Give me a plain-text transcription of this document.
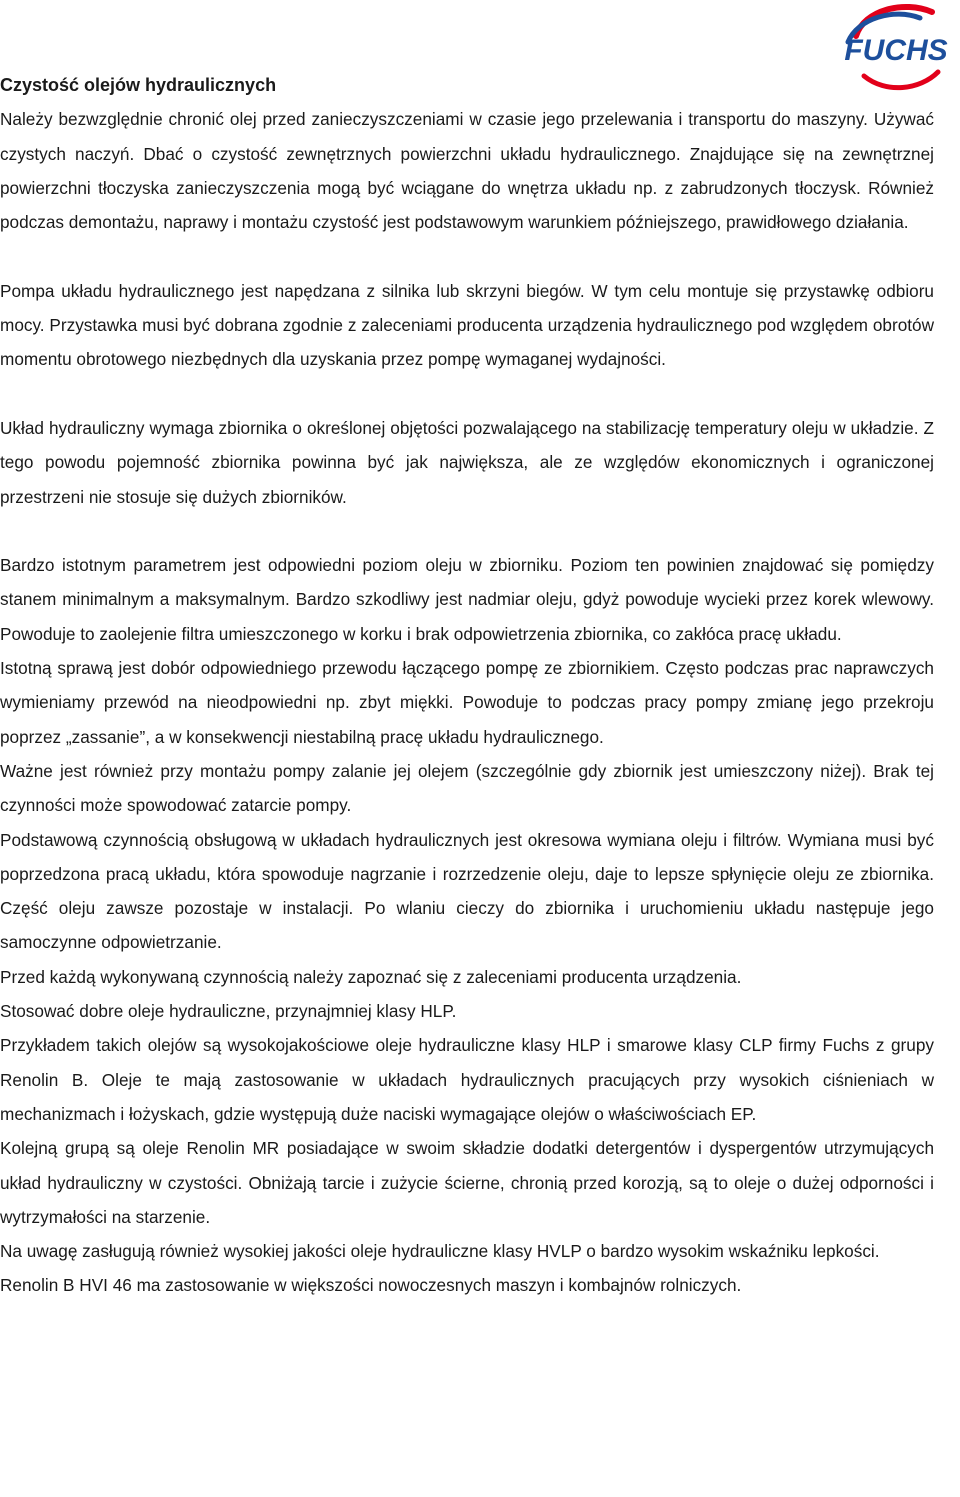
FUCHS
Czystość olejów hydraulicznych

Należy bezwzględnie chronić olej przed zanieczyszczeniami w czasie jego przelewania i transportu do maszyny. Używać czystych naczyń. Dbać o czystość zewnętrznych powierzchni układu hydraulicznego. Znajdujące się na zewnętrznej powierzchni tłoczyska zanieczyszczenia mogą być wciągane do wnętrza układu np. z zabrudzonych tłoczysk. Również podczas demontażu, naprawy i montażu czystość jest podstawowym warunkiem późniejszego, prawidłowego działania.

Pompa układu hydraulicznego jest napędzana z silnika lub skrzyni biegów. W tym celu montuje się przystawkę odbioru mocy. Przystawka musi być dobrana zgodnie z zaleceniami producenta urządzenia hydraulicznego pod względem obrotów momentu obrotowego niezbędnych dla uzyskania przez pompę wymaganej wydajności.

Układ hydrauliczny wymaga zbiornika o określonej objętości pozwalającego na stabilizację temperatury oleju w układzie. Z tego powodu pojemność zbiornika powinna być jak największa, ale ze względów ekonomicznych i ograniczonej przestrzeni nie stosuje się dużych zbiorników.

Bardzo istotnym parametrem jest odpowiedni poziom oleju w zbiorniku. Poziom ten powinien znajdować się pomiędzy stanem minimalnym a maksymalnym. Bardzo szkodliwy jest nadmiar oleju, gdyż powoduje wycieki przez korek wlewowy. Powoduje to zaolejenie filtra umieszczonego w korku i brak odpowietrzenia zbiornika, co zakłóca pracę układu.

Istotną sprawą jest dobór odpowiedniego przewodu łączącego pompę ze zbiornikiem. Często podczas prac naprawczych wymieniamy przewód na nieodpowiedni np. zbyt miękki. Powoduje to podczas pracy pompy zmianę jego przekroju poprzez „zassanie”, a w konsekwencji niestabilną pracę układu hydraulicznego.

Ważne jest również przy montażu pompy zalanie jej olejem (szczególnie gdy zbiornik jest umieszczony niżej). Brak tej czynności może spowodować zatarcie pompy.

Podstawową czynnością obsługową w układach hydraulicznych jest okresowa wymiana oleju i filtrów. Wymiana musi być poprzedzona pracą układu, która spowoduje nagrzanie i rozrzedzenie oleju, daje to lepsze spłynięcie oleju ze zbiornika. Część oleju zawsze pozostaje w instalacji. Po wlaniu cieczy do zbiornika i uruchomieniu układu następuje jego samoczynne odpowietrzanie.

Przed każdą wykonywaną czynnością należy zapoznać się z zaleceniami producenta urządzenia.

Stosować dobre oleje hydrauliczne, przynajmniej klasy HLP.

Przykładem takich olejów są wysokojakościowe oleje hydrauliczne klasy HLP i smarowe klasy CLP firmy Fuchs z grupy Renolin B. Oleje te mają zastosowanie w układach hydraulicznych pracujących przy wysokich ciśnieniach w mechanizmach i łożyskach, gdzie występują duże naciski wymagające olejów o właściwościach EP.

Kolejną grupą są oleje Renolin MR posiadające w swoim składzie dodatki detergentów i dyspergentów utrzymujących układ hydrauliczny w czystości. Obniżają tarcie i zużycie ścierne, chronią przed korozją, są to oleje o dużej odporności i wytrzymałości na starzenie.

Na uwagę zasługują również wysokiej jakości oleje hydrauliczne klasy HVLP o bardzo wysokim wskaźniku lepkości.

Renolin B HVI 46 ma zastosowanie w większości nowoczesnych maszyn i kombajnów rolniczych.
